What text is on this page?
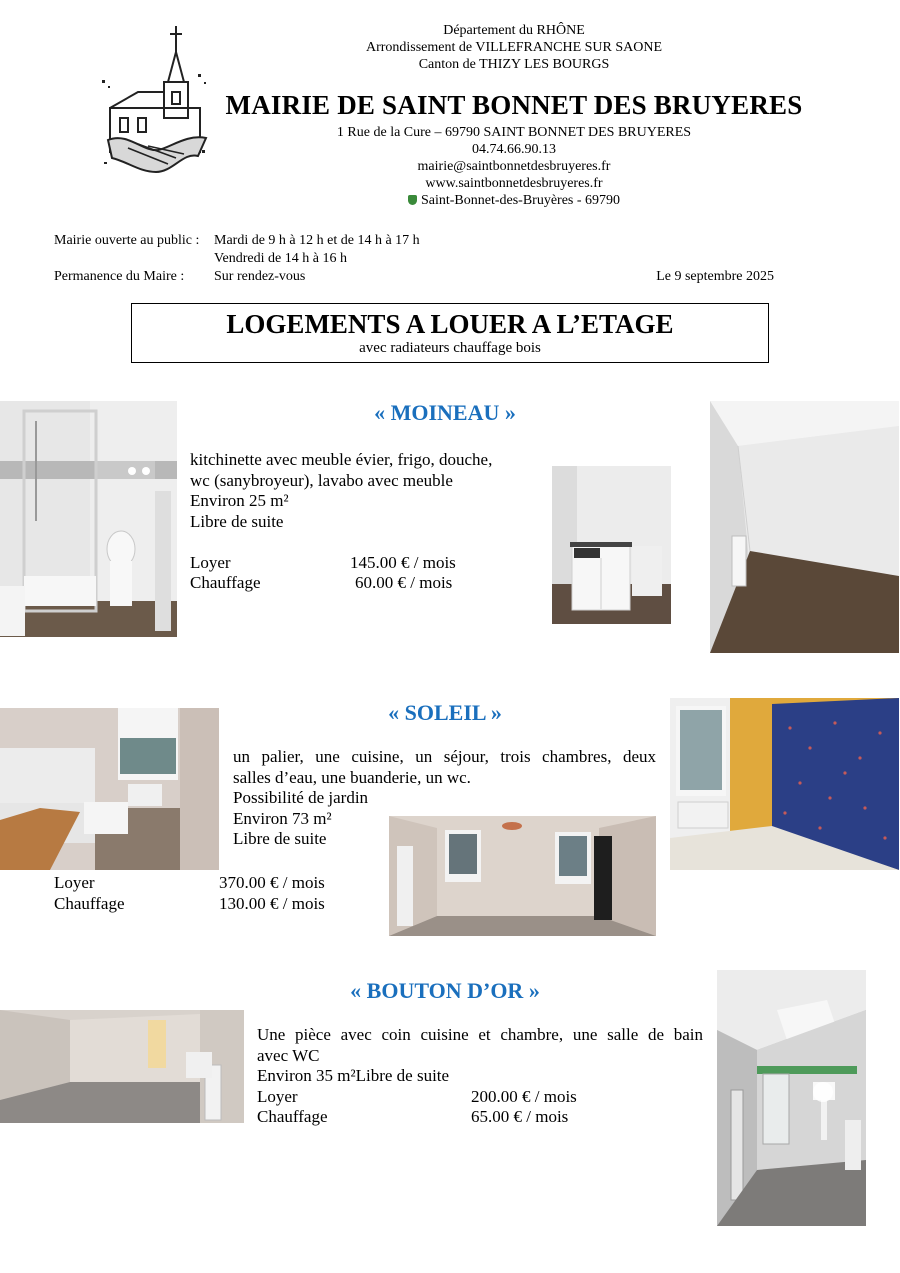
Département du RHÔNE
Arrondissement de VILLEFRANCHE SUR SAONE
Canton de THIZY LES BOURGS
MAIRIE DE SAINT BONNET DES BRUYERES
1 Rue de la Cure – 69790 SAINT BONNET DES BRUYERES
04.74.66.90.13
mairie@saintbonnetdesbruyeres.fr
www.saintbonnetdesbruyeres.fr
Saint-Bonnet-des-Bruyères - 69790
Mairie ouverte au public :	Mardi de 9 h à 12 h et de 14 h à 17 h
Vendredi de 14 h à 16 h
Permanence du Maire :	Sur rendez-vous	Le 9 septembre 2025
LOGEMENTS A LOUER A L’ETAGE
avec radiateurs chauffage bois
« MOINEAU »
kitchinette avec meuble évier, frigo, douche,
wc (sanybroyeur), lavabo avec meuble
Environ 25 m²
Libre de suite
Loyer	145.00 € / mois
Chauffage	60.00 € / mois
« SOLEIL »
un palier, une cuisine, un séjour, trois chambres, deux
salles d’eau, une buanderie, un wc.
Possibilité de jardin
Environ 73 m²
Libre de suite
Loyer	370.00 € / mois
Chauffage	130.00 € / mois
« BOUTON D’OR »
Une pièce avec coin cuisine et chambre, une salle de bain
avec WC
Environ 35 m² Libre de suite
Loyer	200.00 € / mois
Chauffage	65.00 € / mois
